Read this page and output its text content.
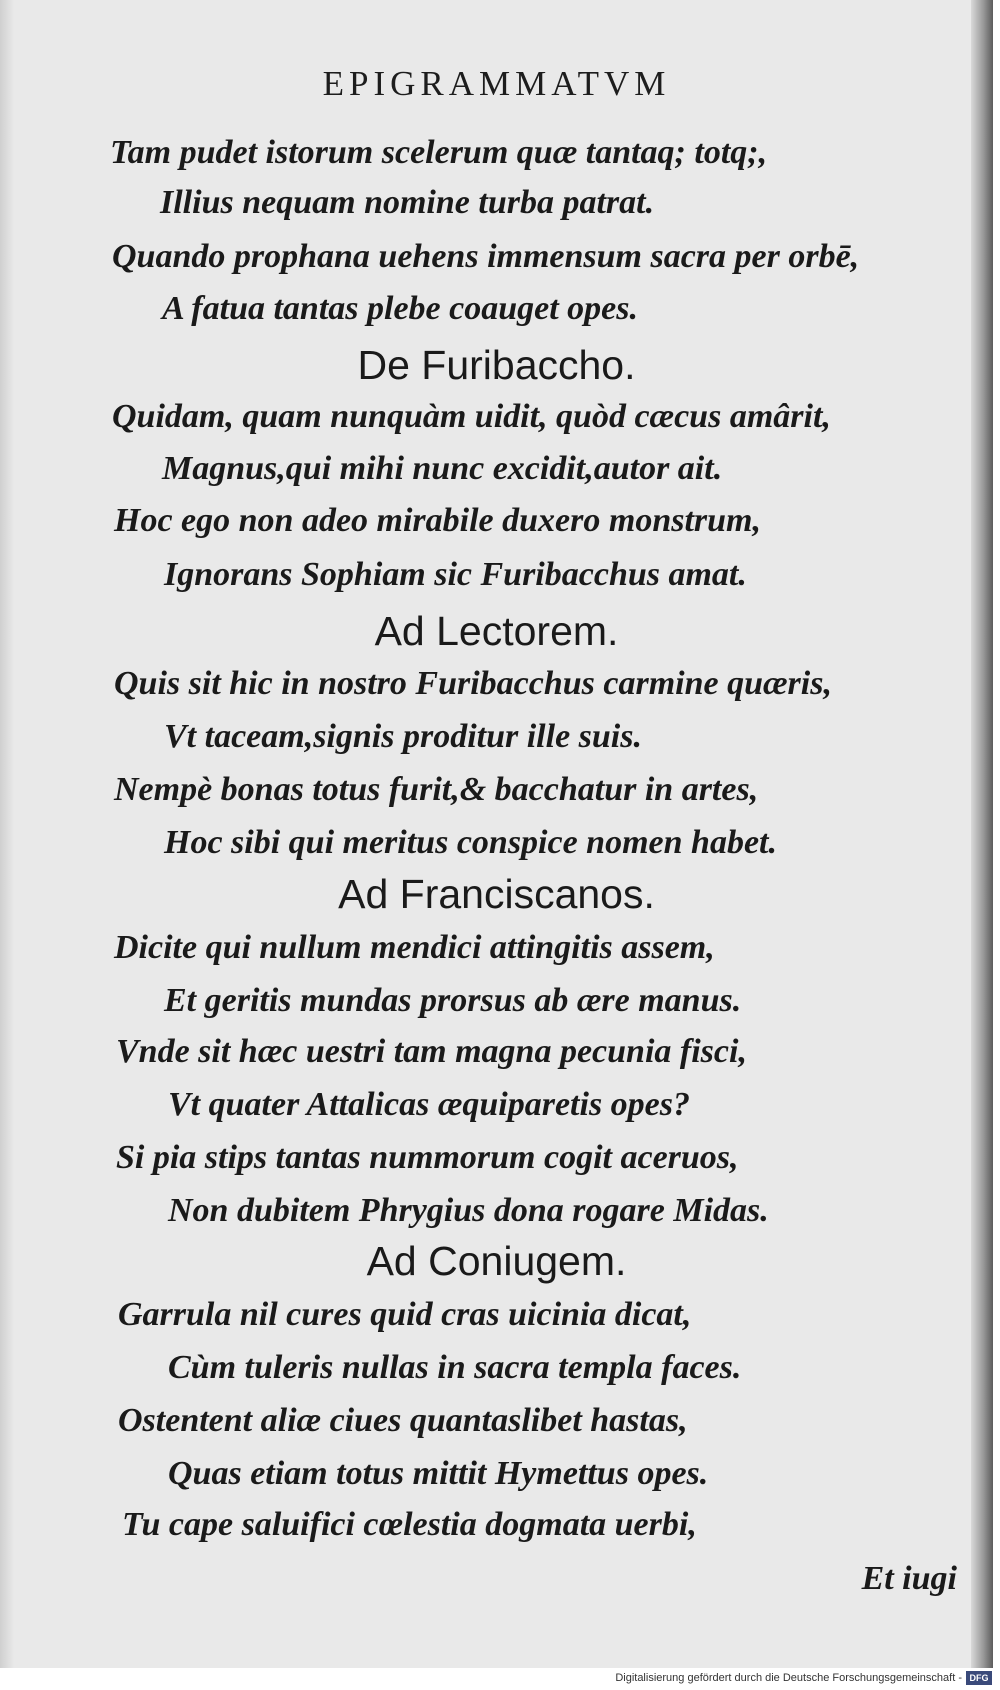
EPIGRAMMATVM
Tam pudet istorum scelerum quæ tantaq; totq;,
Illius nequam nomine turba patrat.
Quando prophana uehens immensum sacra per orbē,
A fatua tantas plebe coauget opes.
De Furibaccho.
Quidam, quam nunquàm uidit, quòd cæcus amârit,
Magnus,qui mihi nunc excidit,autor ait.
Hoc ego non adeo mirabile duxero monstrum,
Ignorans Sophiam sic Furibacchus amat.
Ad Lectorem.
Quis sit hic in nostro Furibacchus carmine quæris,
Vt taceam,signis proditur ille suis.
Nempè bonas totus furit,& bacchatur in artes,
Hoc sibi qui meritus conspice nomen habet.
Ad Franciscanos.
Dicite qui nullum mendici attingitis assem,
Et geritis mundas prorsus ab ære manus.
Vnde sit hæc uestri tam magna pecunia fisci,
Vt quater Attalicas æquiparetis opes?
Si pia stips tantas nummorum cogit aceruos,
Non dubitem Phrygius dona rogare Midas.
Ad Coniugem.
Garrula nil cures quid cras uicinia dicat,
Cùm tuleris nullas in sacra templa faces.
Ostentent aliæ ciues quantaslibet hastas,
Quas etiam totus mittit Hymettus opes.
Tu cape saluifici cœlestia dogmata uerbi,
Et iugi
Digitalisierung gefördert durch die Deutsche Forschungsgemeinschaft - DFG
